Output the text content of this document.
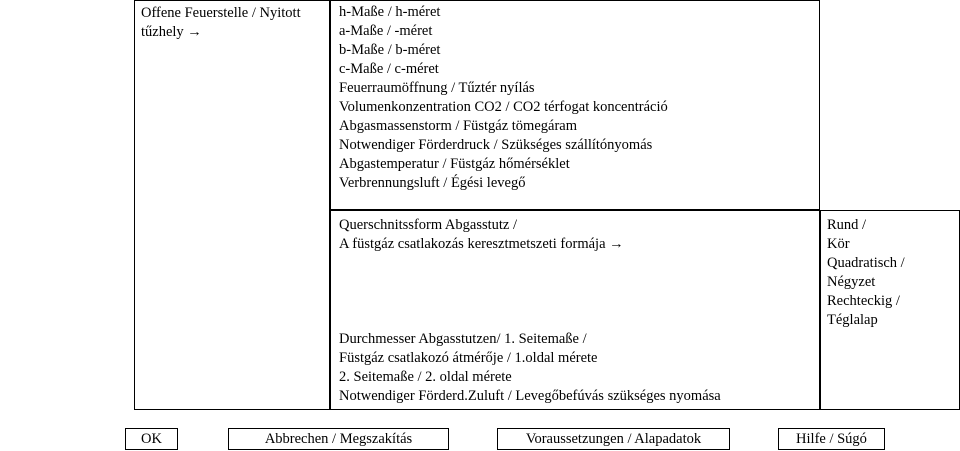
Offene Feuerstelle / Nyitott
tűzhely →
h-Maße / h-méret
a-Maße / -méret
b-Maße / b-méret
c-Maße / c-méret
Feuerraumöffnung / Tűztér nyílás
Volumenkonzentration CO2 / CO2 térfogat koncentráció
Abgasmassenstorm / Füstgáz tömegáram
Notwendiger Förderdruck / Szükséges szállítónyomás
Abgastemperatur / Füstgáz hőmérséklet
Verbrennungsluft / Égési levegő
Querschnitssform Abgasstutz /
A füstgáz csatlakozás keresztmetszeti formája →
Durchmesser Abgasstutzen/ 1. Seitemaße /
Füstgáz csatlakozó átmérője / 1.oldal mérete
2. Seitemaße / 2. oldal mérete
Notwendiger Förderd.Zuluft / Levegőbefúvás szükséges nyomása
Rund /
Kör
Quadratisch /
Négyzet
Rechteckig /
Téglalap
OK	Abbrechen / Megszakítás	Voraussetzungen / Alapadatok	Hilfe / Súgó
